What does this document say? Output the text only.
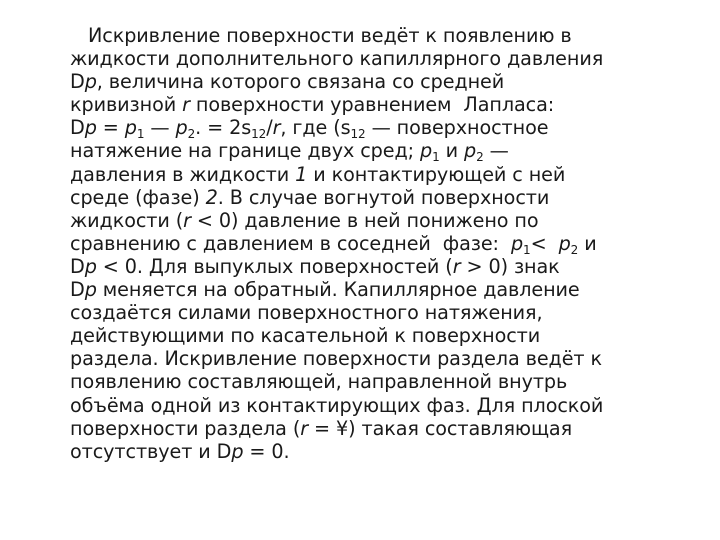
Искривление поверхности ведёт к появлению в
жидкости дополнительного капиллярного давления
Dp, величина которого связана со средней
кривизной r поверхности уравнением  Лапласа:
$Dp = p_1$ — $p_2$. = $2s_{12}/r$, где ($s_{12}$ — поверхностное
натяжение на границе двух сред; $p_1$ и $p_2$ —
давления в жидкости 1 и контактирующей с ней
среде (фазе) 2. В случае вогнутой поверхности
жидкости (r < 0) давление в ней понижено по
сравнению с давлением в соседней  фазе:  $p_1< p_2$ и
Dp < 0. Для выпуклых поверхностей (r > 0) знак
Dp меняется на обратный. Капиллярное давление
создаётся силами поверхностного натяжения,
действующими по касательной к поверхности
раздела. Искривление поверхности раздела ведёт к
появлению составляющей, направленной внутрь
объёма одной из контактирующих фаз. Для плоской
поверхности раздела (r = ¥) такая составляющая
отсутствует и Dp = 0.
